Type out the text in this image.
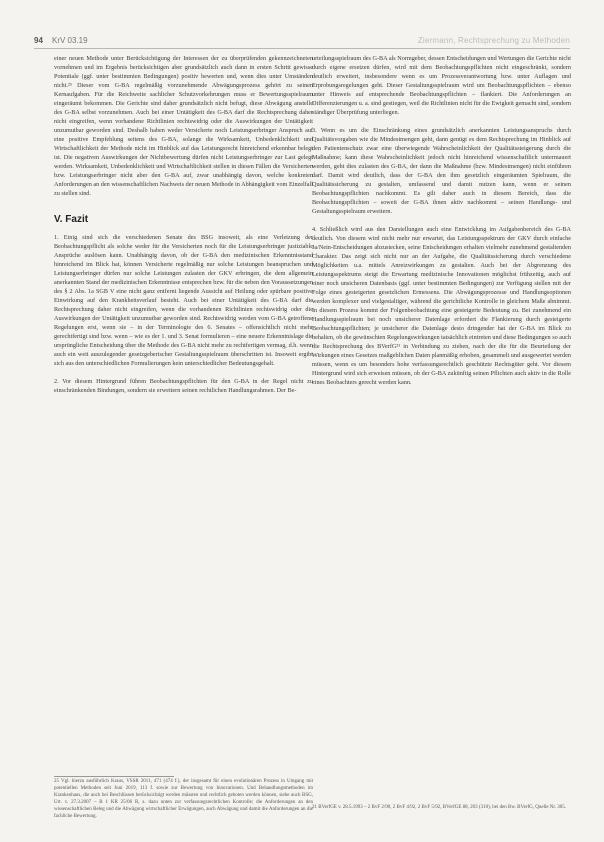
94 KrV 03.19	Ziermann, Rechtsprechung zu Methoden

einer neuen Methode unter Berücksichtigung der Interessen der zu überprüfenden gekennzeichneten vornehmen und im Ergebnis berücksichtigen aber grundsätzlich auch dann in ersten Schritt gewisse Potentiale (ggf. unter bestimmten Bedingungen) positiv bewerten und, wenn dies unter Umständen nicht.²⁵ Dieser vom G-BA regelmäßig vorzunehmende Abwägungsprozess gehört zu seinen Kernaufgaben. Für die Reichweite sachlicher Schutzvorkehrungen muss er Bewertungsspielraum eingeräumt bekommen. Die Gerichte sind daher grundsätzlich nicht befugt, diese Abwägung anstelle des G-BA selbst vorzunehmen. Auch bei einer Untätigkeit des G-BA darf die Rechtsprechung daher nicht eingreifen, wenn vorhandene Richtlinien rechtswidrig oder die Auswirkungen der Untätigkeit unzumutbar geworden sind. Deshalb haben weder Versicherte noch Leistungserbringer Anspruch auf eine positive Empfehlung seitens des G-BA, solange die Wirksamkeit, Unbedenklichkeit und Wirtschaftlichkeit der Methode nicht im Hinblick auf das Leistungsrecht hinreichend erkennbar belegt ist. Die negativen Auswirkungen der Nichtbewertung dürfen nicht Leistungserbringer zur Last gelegt werden. Wirksamkeit, Unbedenklichkeit und Wirtschaftlichkeit stellen in diesen Fällen die Versicherten bzw. Leistungserbringer nicht aber den G-BA auf, zwar unabhängig davon, welche konkreten Anforderungen an den wissenschaftlichen Nachweis der neuen Methode in Abhängigkeit vom Einzelfall zu stellen sind.

V. Fazit

1. Einig sind sich die verschiedenen Senate des BSG insoweit, als eine Verletzung der Beobachtungspflicht als solche weder für die Versicherten noch für die Leistungserbringer justiziable Ansprüche auslösen kann. Unabhängig davon, ob der G-BA den medizinischen Erkenntnisstand hinreichend im Blick hat, können Versicherte regelmäßig nur solche Leistungen beanspruchen und Leistungserbringer dürfen nur solche Leistungen zulasten der GKV erbringen, die dem allgemein anerkannten Stand der medizinischen Erkenntnisse entsprechen bzw. für die neben den Voraussetzungen des § 2 Abs. 1a SGB V eine nicht ganz entfernt liegende Aussicht auf Heilung oder spürbare positive Einwirkung auf den Krankheitsverlauf besteht. Auch bei einer Untätigkeit des G-BA darf die Rechtsprechung daher nicht eingreifen, wenn die vorhandenen Richtlinien rechtswidrig oder die Auswirkungen der Untätigkeit unzumutbar geworden sind. Rechtswidrig werden vom G-BA getroffene Regelungen erst, wenn sie – in der Terminologie des 6. Senates – offensichtlich nicht mehr gerechtfertigt sind bzw. wenn – wie es der 1. und 3. Senat formulieren – eine neuere Erkenntnislage die ursprüngliche Entscheidung über die Methode des G-BA nicht mehr zu rechtfertigen vermag, d.h. wenn auch ein weit auszulegender gesetzgeberischer Gestaltungsspielraum überschritten ist. Insoweit ergibt sich aus den unterschiedlichen Formulierungen kein unterschiedlicher Bedeutungsgehalt.

2. Vor diesem Hintergrund führen Beobachtungspflichten für den G-BA in der Regel nicht zu einschränkenden Bindungen, sondern sie erweitern seinen rechtlichen Handlungsrahmen. Der Be-

urteilungsspielraum des G-BA als Normgeber, dessen Entscheidungen und Wertungen die Gerichte nicht durch eigene ersetzen dürfen, wird mit dem Beobachtungspflichten nicht eingeschränkt, sondern deutlich erweitert, insbesondere wenn es um Prozessverantwortung bzw. unter Auflagen und Erprobungsregelungen geht. Dieser Gestaltungsspielraum wird um Beobachtungspflichten – ebenso unter Hinweis auf entsprechende Beobachtungspflichten – flankiert. Die Anforderungen an Differenzierungen u. a. sind gestiegen, weil die Richtlinien nicht für die Ewigkeit gemacht sind, sondern ständiger Überprüfung unterliegen.

3. Wenn es um die Einschränkung eines grundsätzlich anerkannten Leistungsanspruchs durch Qualitätsvorgaben wie die Mindestmengen geht, dann genügt es dem Rechtsprechung im Hinblick auf den Patientenschutz zwar eine überwiegende Wahrscheinlichkeit der Qualitätssteigerung durch die Maßnahme; kann diese Wahrscheinlichkeit jedoch nicht hinreichend wissenschaftlich untermauert werden, geht dies zulasten des G-BA, der dann die Maßnahme (bzw. Mindestmengen) nicht einführen darf. Damit wird deutlich, dass der G-BA den ihm gesetzlich eingeräumten Spielraum, die Qualitätssicherung zu gestalten, umfassend und damit nutzen kann, wenn er seinen Beobachtungspflichten nachkommt. Es gilt daher auch in diesem Bereich, dass die Beobachtungspflichten – soweit der G-BA ihnen aktiv nachkommt – seinen Handlungs- und Gestaltungsspielraum erweitern.

4. Schließlich wird aus den Darstellungen auch eine Entwicklung im Aufgabenbereich des G-BA deutlich. Von diesem wird nicht mehr nur erwartet, das Leistungsspektrum der GKV durch einfache Ja/Nein-Entscheidungen abzustecken, seine Entscheidungen erhalten vielmehr zunehmend gestaltenden Charakter. Das zeigt sich nicht nur an der Aufgabe, die Qualitätssicherung durch verschiedene Möglichkeiten u.a. mittels Anreizwirkungen zu gestalten. Auch bei der Abgrenzung des Leistungsspektrums steigt die Erwartung medizinische Innovationen möglichst frühzeitig, auch auf einer noch unsicheren Datenbasis (ggf. unter bestimmten Bedingungen) zur Verfügung stellen mit der Folge eines gesteigerten gesetzlichen Ermessens. Die Abwägungsprozesse und Handlungsoptionen werden komplexer und vielgestaltiger, während die gerichtliche Kontrolle in gleichem Maße abnimmt. In diesem Prozess kommt der Folgenbeobachtung eine gesteigerte Bedeutung zu. Bei zunehmend ein Handlungsspielraum bei noch unsicherer Datenlage erfordert die Flankierung durch gesteigerte Beobachtungspflichten; je unsicherer die Datenlage desto dringender hat der G-BA im Blick zu behalten, ob die gewünschten Regelungswirkungen tatsächlich eintreten und diese Bedingungen so auch die Rechtsprechung des BVerfG²¹ in Verbindung zu ziehen, nach der die für die Beurteilung der Wirkungen eines Gesetzes maßgeblichen Daten planmäßig erhoben, gesammelt und ausgewertet werden müssen, wenn es um besonders hohe verfassungsrechtlich geschützte Rechtsgüter geht. Vor diesem Hintergrund wird sich erweisen müssen, ob der G-BA zukünftig seinen Pflichten auch aktiv in die Rolle eines Beobachters gerecht werden kann.

25 Vgl. hierzu ausführlich Kraus, VSSR 2011, 471 (474 f.), der insgesamt für einen evolutionären Prozess in Umgang mit potentiellen Methoden seit Juni 2019, 113 f. sowie zur Bewertung von Innovationen. Und Behandlungsmethoden im Krankenhaus, die auch bei Beschlüssen berücksichtigt werden müssten und rechtlich geboten werden können, siehe auch BSG, Urt. v. 27.3.2007 – B 1 KR 25/06 R, s. dazu unten zur verfassungsrechtlichen Kontrolle; die Anforderungen an den wissenschaftlichen Beleg und die Abwägung wirtschaftlicher Erwägungen, auch Abwägung und damit die Anforderungen an die fachliche Bewertung.

21 BVerfGE v. 28.5.1993 – 2 BvF 2/90, 2 BvF 4/92, 2 BvF 5/92, BVerfGE 88, 203 (310), bei den Bw. BVerfG, Quelle Nr. 305.
